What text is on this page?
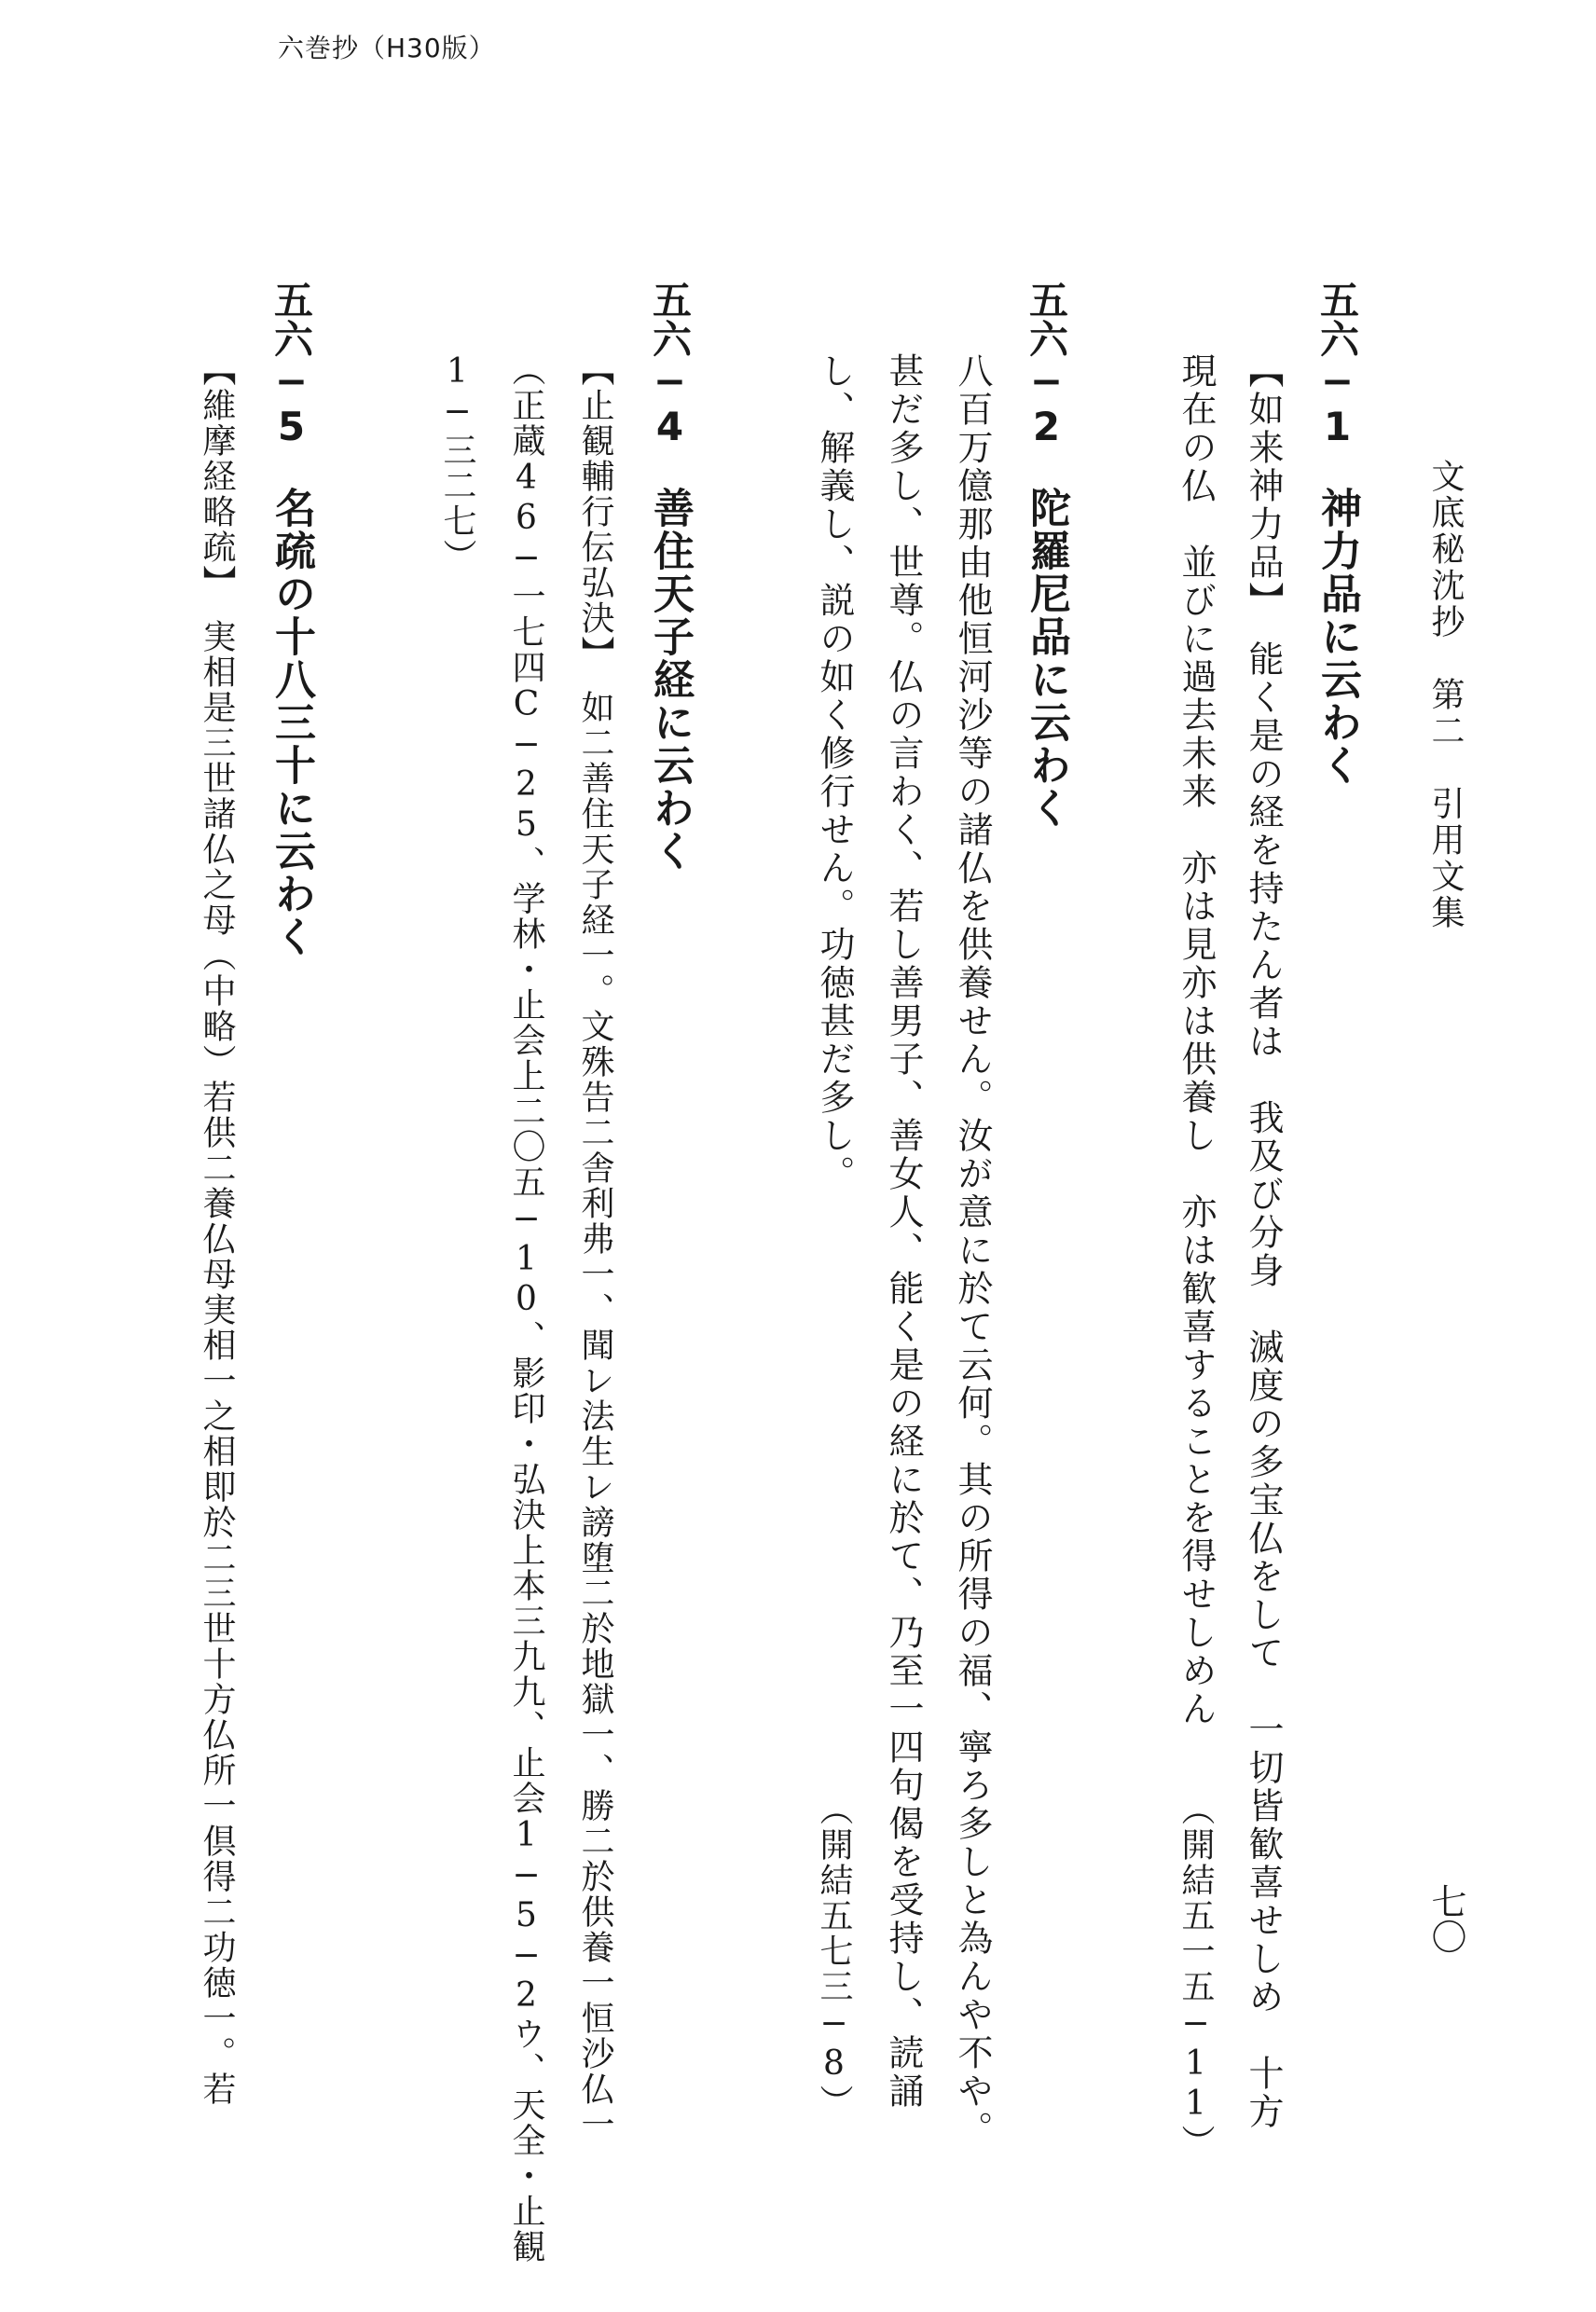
六巻抄（H30版）
文底秘沈抄　第二　引用文集
七〇
五六−1神力品に云わく
【如来神力品】　能く是の経を持たん者は　我及び分身　滅度の多宝仏をして　一切皆歓喜せしめ　十方
現在の仏　並びに過去未来　亦は見亦は供養し　亦は歓喜することを得せしめん
（開結五一五−11）
五六−2陀羅尼品に云わく
八百万億那由他恒河沙等の諸仏を供養せん。汝が意に於て云何。其の所得の福、寧ろ多しと為んや不や。
甚だ多し、世尊。仏の言わく、若し善男子、善女人、能く是の経に於て、乃至一四句偈を受持し、読誦
し、解義し、説の如く修行せん。功徳甚だ多し。
（開結五七三−8）
五六−4善住天子経に云わく
【止観輔行伝弘決】　如二善住天子経一。文殊告二舎利弗一、聞レ法生レ謗堕二於地獄一、勝二於供養一恒沙仏一
（正蔵46−一七四C−25、学林・止会上二〇五−10、影印・弘決上本三九九、止会1−5−2ウ、天全・止観
1−三二七）
五六−5名疏の十八三十に云わく
【維摩経略疏】　実相是三世諸仏之母（中略）若供二養仏母実相一之相即於二三世十方仏所一倶得二功徳一。若
